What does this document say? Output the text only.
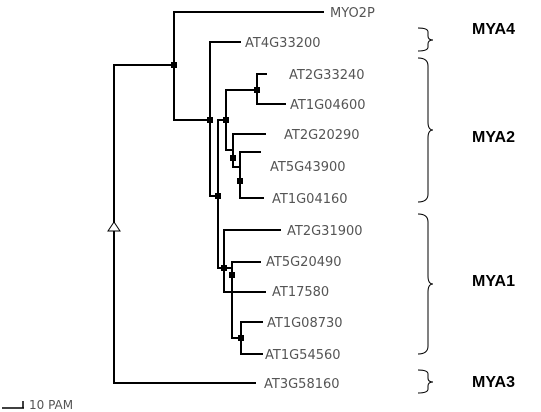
MYO2P
AT4G33200
AT2G33240
AT1G04600
AT2G20290
AT5G43900
AT1G04160
AT2G31900
AT5G20490
AT17580
AT1G08730
AT1G54560
AT3G58160
MYA4
MYA2
MYA1
MYA3
10 PAM
